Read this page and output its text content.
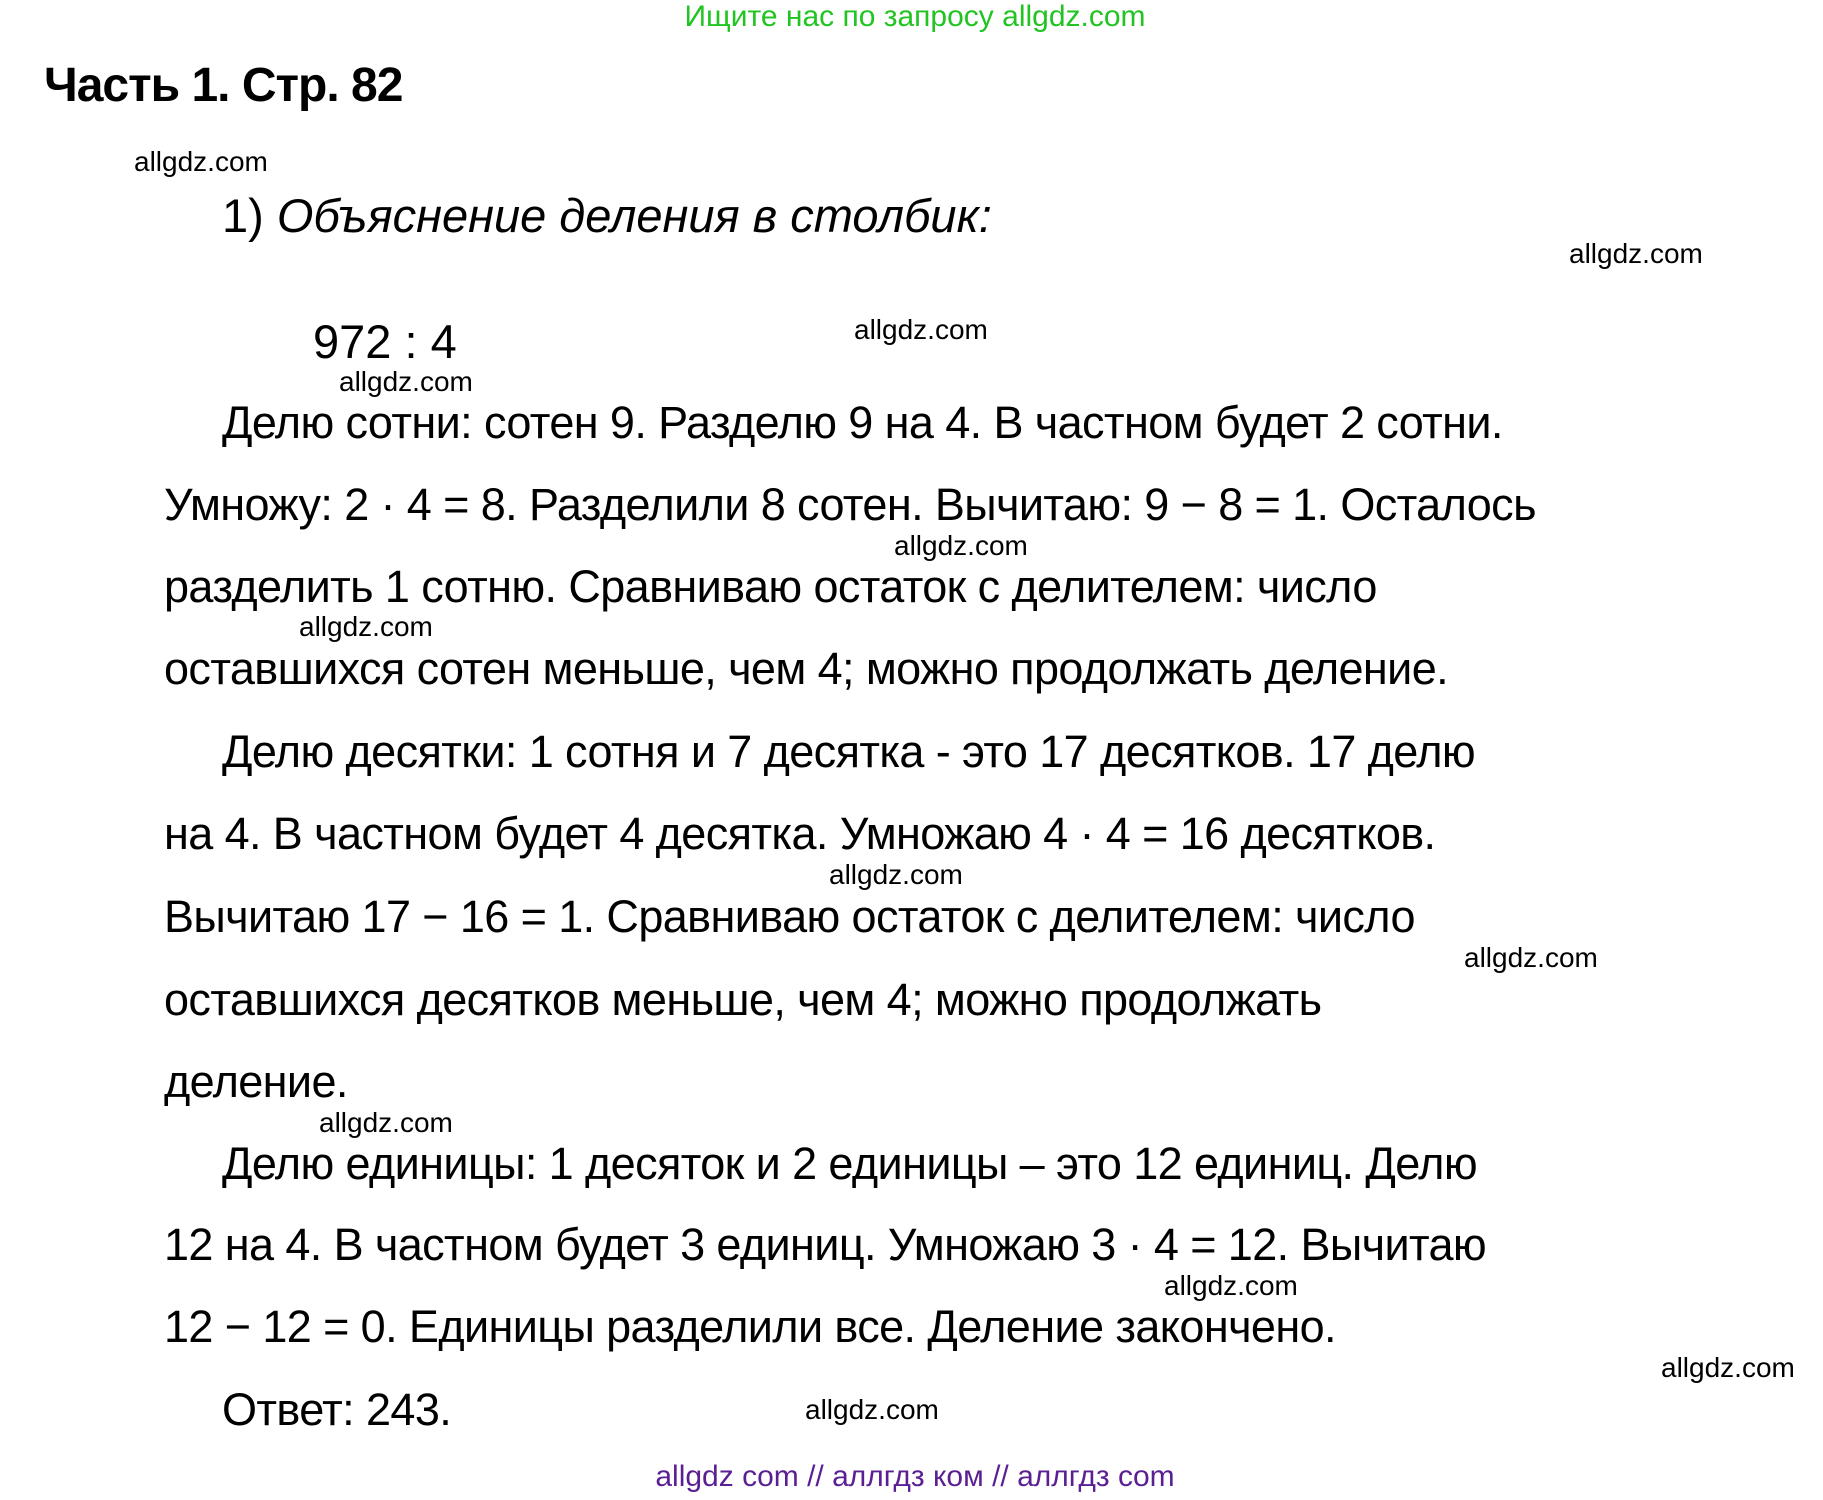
Ищите нас по запросу allgdz.com
Часть 1. Стр. 82
1) Объяснение деления в столбик:
972 : 4
Делю сотни: сотен 9. Разделю 9 на 4. В частном будет 2 сотни.
Умножу: 2 · 4 = 8. Разделили 8 сотен. Вычитаю: 9 − 8 = 1. Осталось
разделить 1 сотню. Сравниваю остаток с делителем: число
оставшихся сотен меньше, чем 4; можно продолжать деление.
Делю десятки: 1 сотня и 7 десятка - это 17 десятков. 17 делю
на 4. В частном будет 4 десятка. Умножаю 4 · 4 = 16 десятков.
Вычитаю 17 − 16 = 1. Сравниваю остаток с делителем: число
оставшихся десятков меньше, чем 4; можно продолжать
деление.
Делю единицы: 1 десяток и 2 единицы – это 12 единиц. Делю
12 на 4. В частном будет 3 единиц. Умножаю 3 · 4 = 12. Вычитаю
12 − 12 = 0. Единицы разделили все. Деление закончено.
Ответ: 243.
allgdz.com
allgdz.com
allgdz.com
allgdz.com
allgdz.com
allgdz.com
allgdz.com
allgdz.com
allgdz.com
allgdz.com
allgdz.com
allgdz.com
allgdz com // аллгдз ком // аллгдз com
